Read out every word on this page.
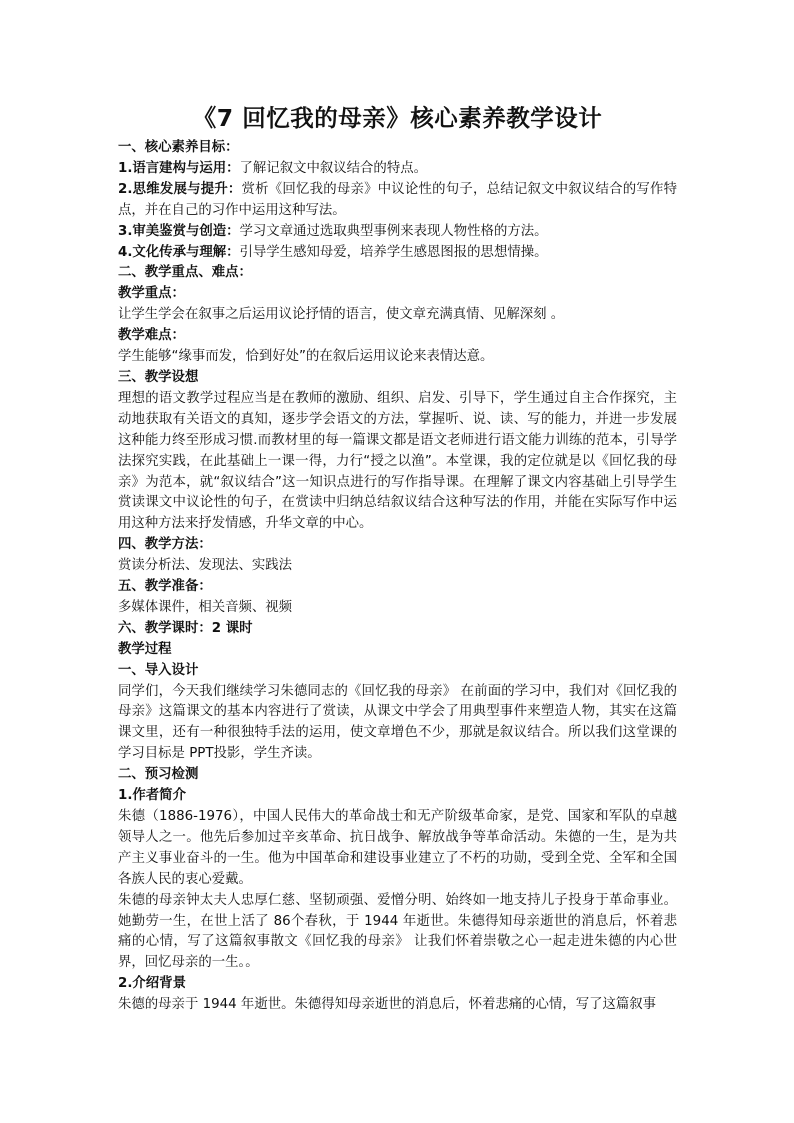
《7 回忆我的母亲》核心素养教学设计

一、核心素养目标：

1.语言建构与运用：了解记叙文中叙议结合的特点。

2.思维发展与提升：赏析《回忆我的母亲》中议论性的句子，总结记叙文中叙议结合的写作特点，并在自己的习作中运用这种写法。

3.审美鉴赏与创造：学习文章通过选取典型事例来表现人物性格的方法。

4.文化传承与理解：引导学生感知母爱，培养学生感恩图报的思想情操。

二、教学重点、难点：

教学重点：

让学生学会在叙事之后运用议论抒情的语言，使文章充满真情、见解深刻 。

教学难点：

学生能够“缘事而发，恰到好处”的在叙后运用议论来表情达意。

三、教学设想

理想的语文教学过程应当是在教师的激励、组织、启发、引导下，学生通过自主合作探究，主动地获取有关语文的真知，逐步学会语文的方法，掌握听、说、读、写的能力，并进一步发展这种能力终至形成习惯.而教材里的每一篇课文都是语文老师进行语文能力训练的范本，引导学法探究实践，在此基础上一课一得，力行“授之以渔”。本堂课，我的定位就是以《回忆我的母亲》为范本，就“叙议结合”这一知识点进行的写作指导课。在理解了课文内容基础上引导学生赏读课文中议论性的句子，在赏读中归纳总结叙议结合这种写法的作用，并能在实际写作中运用这种方法来抒发情感，升华文章的中心。

四、教学方法：

赏读分析法、发现法、实践法

五、教学准备：

多媒体课件，相关音频、视频

六、教学课时：2 课时

教学过程

一、导入设计

同学们，今天我们继续学习朱德同志的《回忆我的母亲》 在前面的学习中，我们对《回忆我的母亲》这篇课文的基本内容进行了赏读，从课文中学会了用典型事件来塑造人物，其实在这篇课文里，还有一种很独特手法的运用，使文章增色不少，那就是叙议结合。所以我们这堂课的学习目标是 PPT投影，学生齐读。

二、预习检测

1.作者简介

朱德（1886-1976），中国人民伟大的革命战士和无产阶级革命家，是党、国家和军队的卓越领导人之一。他先后参加过辛亥革命、抗日战争、解放战争等革命活动。朱德的一生，是为共产主义事业奋斗的一生。他为中国革命和建设事业建立了不朽的功勋，受到全党、全军和全国各族人民的衷心爱戴。

朱德的母亲钟太夫人忠厚仁慈、坚韧顽强、爱憎分明、始终如一地支持儿子投身于革命事业。她勤劳一生，在世上活了 86个春秋，于 1944 年逝世。朱德得知母亲逝世的消息后，怀着悲痛的心情，写了这篇叙事散文《回忆我的母亲》 让我们怀着崇敬之心一起走进朱德的内心世界，回忆母亲的一生。。

2.介绍背景

朱德的母亲于 1944 年逝世。朱德得知母亲逝世的消息后，怀着悲痛的心情，写了这篇叙事
